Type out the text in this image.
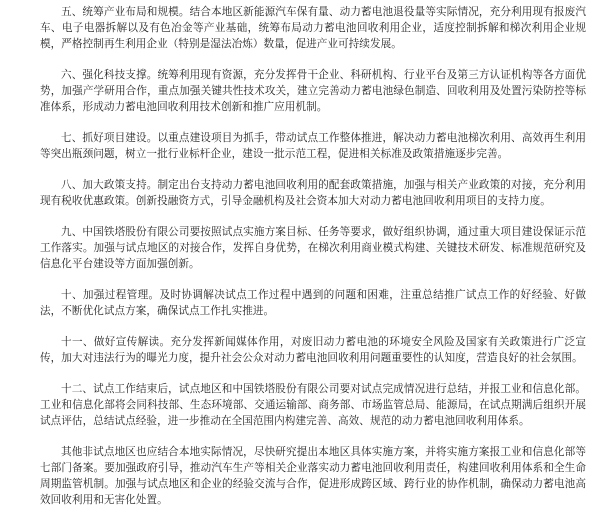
五、统筹产业布局和规模。结合本地区新能源汽车保有量、动力蓄电池退役量等实际情况，充分利用现有报废汽车、电子电器拆解以及有色冶金等产业基础，统筹布局动力蓄电池回收利用企业，适度控制拆解和梯次利用企业规模，严格控制再生利用企业（特别是湿法冶炼）数量，促进产业可持续发展。

六、强化科技支撑。统筹利用现有资源，充分发挥骨干企业、科研机构、行业平台及第三方认证机构等各方面优势，加强产学研用合作，重点加强关键共性技术攻关，建立完善动力蓄电池绿色制造、回收利用及处置污染防控等标准体系，形成动力蓄电池回收利用技术创新和推广应用机制。

七、抓好项目建设。以重点建设项目为抓手，带动试点工作整体推进，解决动力蓄电池梯次利用、高效再生利用等突出瓶颈问题，树立一批行业标杆企业，建设一批示范工程，促进相关标准及政策措施逐步完善。

八、加大政策支持。制定出台支持动力蓄电池回收利用的配套政策措施，加强与相关产业政策的对接，充分利用现有税收优惠政策。创新投融资方式，引导金融机构及社会资本加大对动力蓄电池回收利用项目的支持力度。

九、中国铁塔股份有限公司要按照试点实施方案目标、任务等要求，做好组织协调，通过重大项目建设保证示范工作落实。加强与试点地区的对接合作，发挥自身优势，在梯次利用商业模式构建、关键技术研发、标准规范研究及信息化平台建设等方面加强创新。

十、加强过程管理。及时协调解决试点工作过程中遇到的问题和困难，注重总结推广试点工作的好经验、好做法，不断优化试点方案，确保试点工作扎实推进。

十一、做好宣传解读。充分发挥新闻媒体作用，对废旧动力蓄电池的环境安全风险及国家有关政策进行广泛宣传，加大对违法行为的曝光力度，提升社会公众对动力蓄电池回收利用问题重要性的认知度，营造良好的社会氛围。

十二、试点工作结束后，试点地区和中国铁塔股份有限公司要对试点完成情况进行总结，并报工业和信息化部。工业和信息化部将会同科技部、生态环境部、交通运输部、商务部、市场监管总局、能源局，在试点期满后组织开展试点评估，总结试点经验，进一步推动在全国范围内构建完善、高效、规范的动力蓄电池回收利用体系。

其他非试点地区也应结合本地实际情况，尽快研究提出本地区具体实施方案，并将实施方案报工业和信息化部等七部门备案。要加强政府引导，推动汽车生产等相关企业落实动力蓄电池回收利用责任，构建回收利用体系和全生命周期监管机制。加强与试点地区和企业的经验交流与合作，促进形成跨区域、跨行业的协作机制，确保动力蓄电池高效回收利用和无害化处置。
